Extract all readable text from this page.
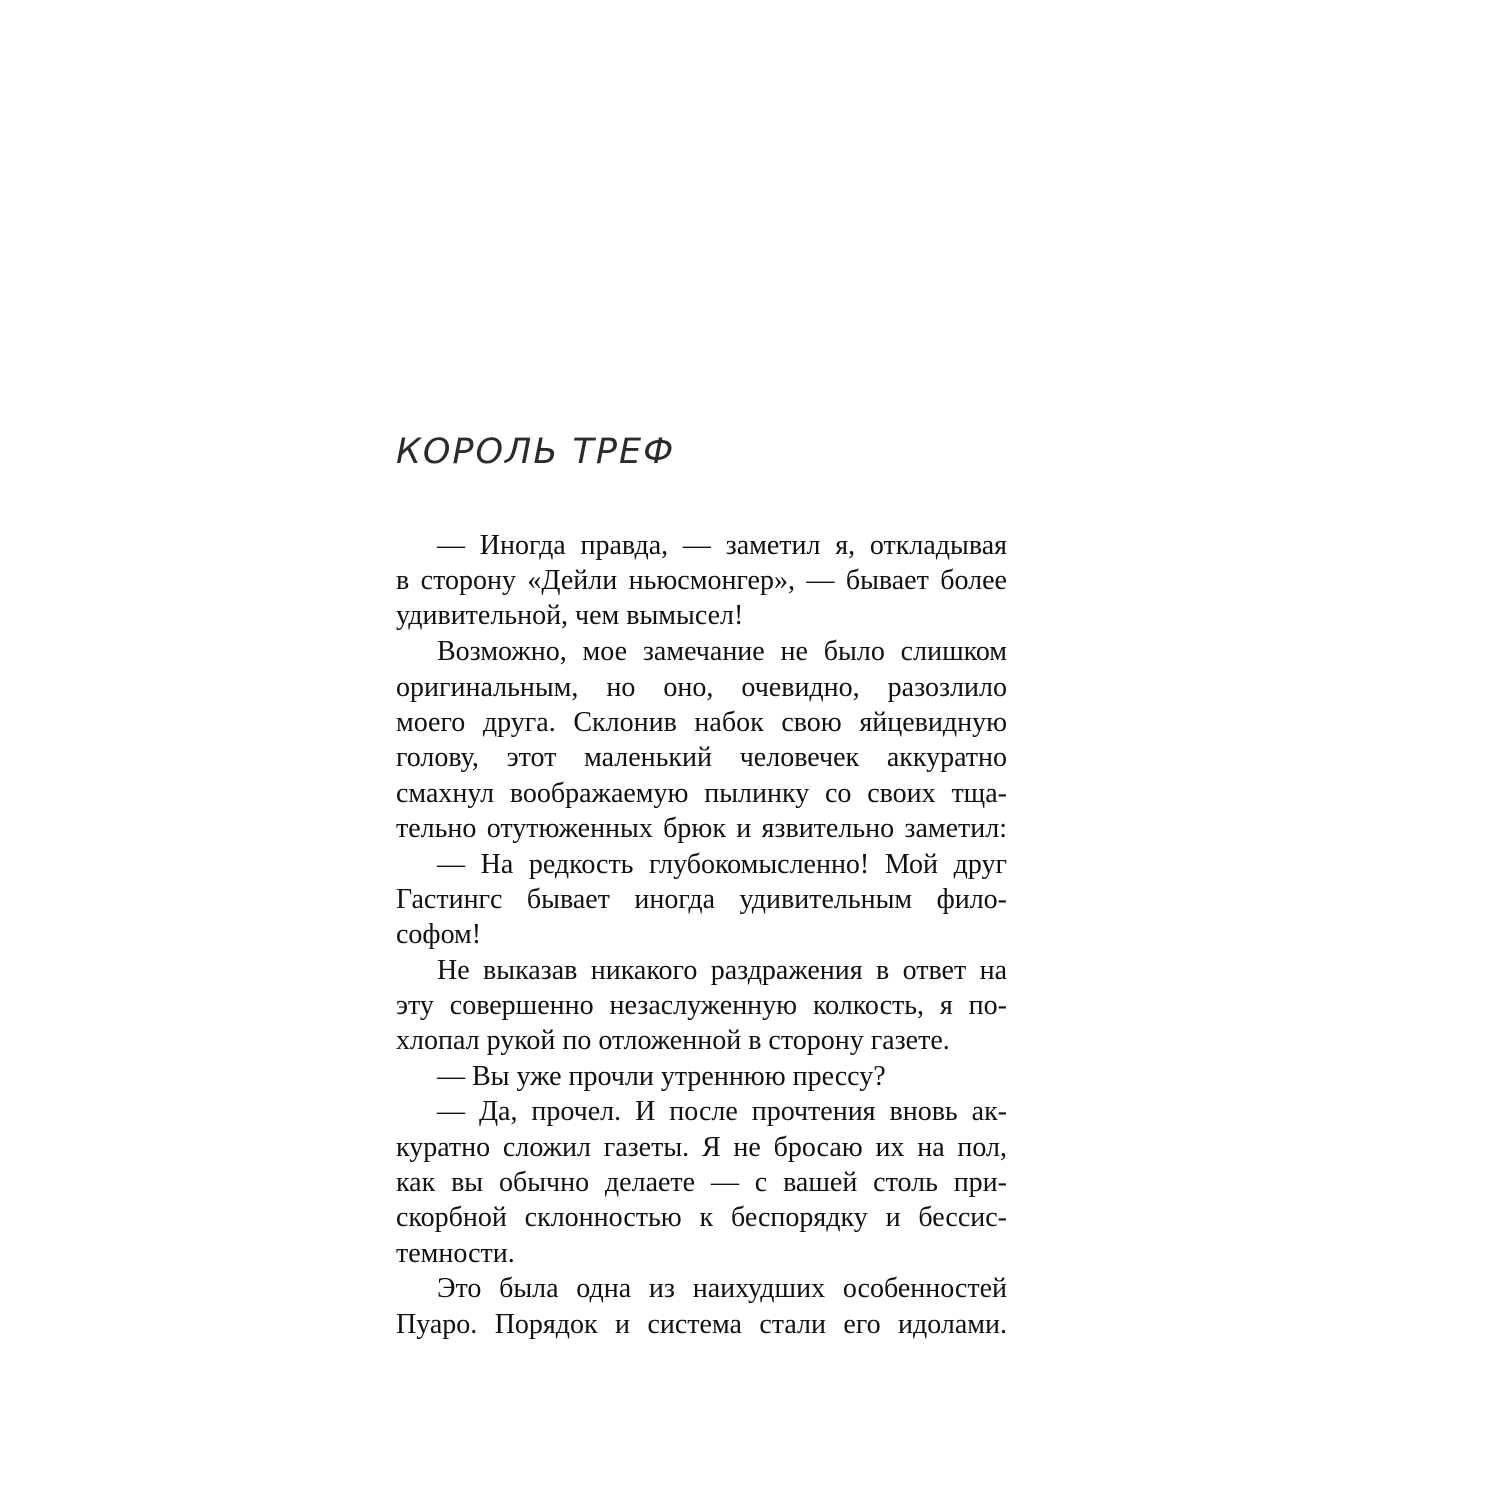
КОРОЛЬ ТРЕФ
— Иногда правда, — заметил я, откладывая
в сторону «Дейли ньюсмонгер», — бывает более
удивительной, чем вымысел!
Возможно, мое замечание не было слишком
оригинальным, но оно, очевидно, разозлило
моего друга. Склонив набок свою яйцевидную
голову, этот маленький человечек аккуратно
смахнул воображаемую пылинку со своих тща-
тельно отутюженных брюк и язвительно заметил:
— На редкость глубокомысленно! Мой друг
Гастингс бывает иногда удивительным фило-
софом!
Не выказав никакого раздражения в ответ на
эту совершенно незаслуженную колкость, я по-
хлопал рукой по отложенной в сторону газете.
— Вы уже прочли утреннюю прессу?
— Да, прочел. И после прочтения вновь ак-
куратно сложил газеты. Я не бросаю их на пол,
как вы обычно делаете — с вашей столь при-
скорбной склонностью к беспорядку и бессис-
темности.
Это была одна из наихудших особенностей
Пуаро. Порядок и система стали его идолами.
